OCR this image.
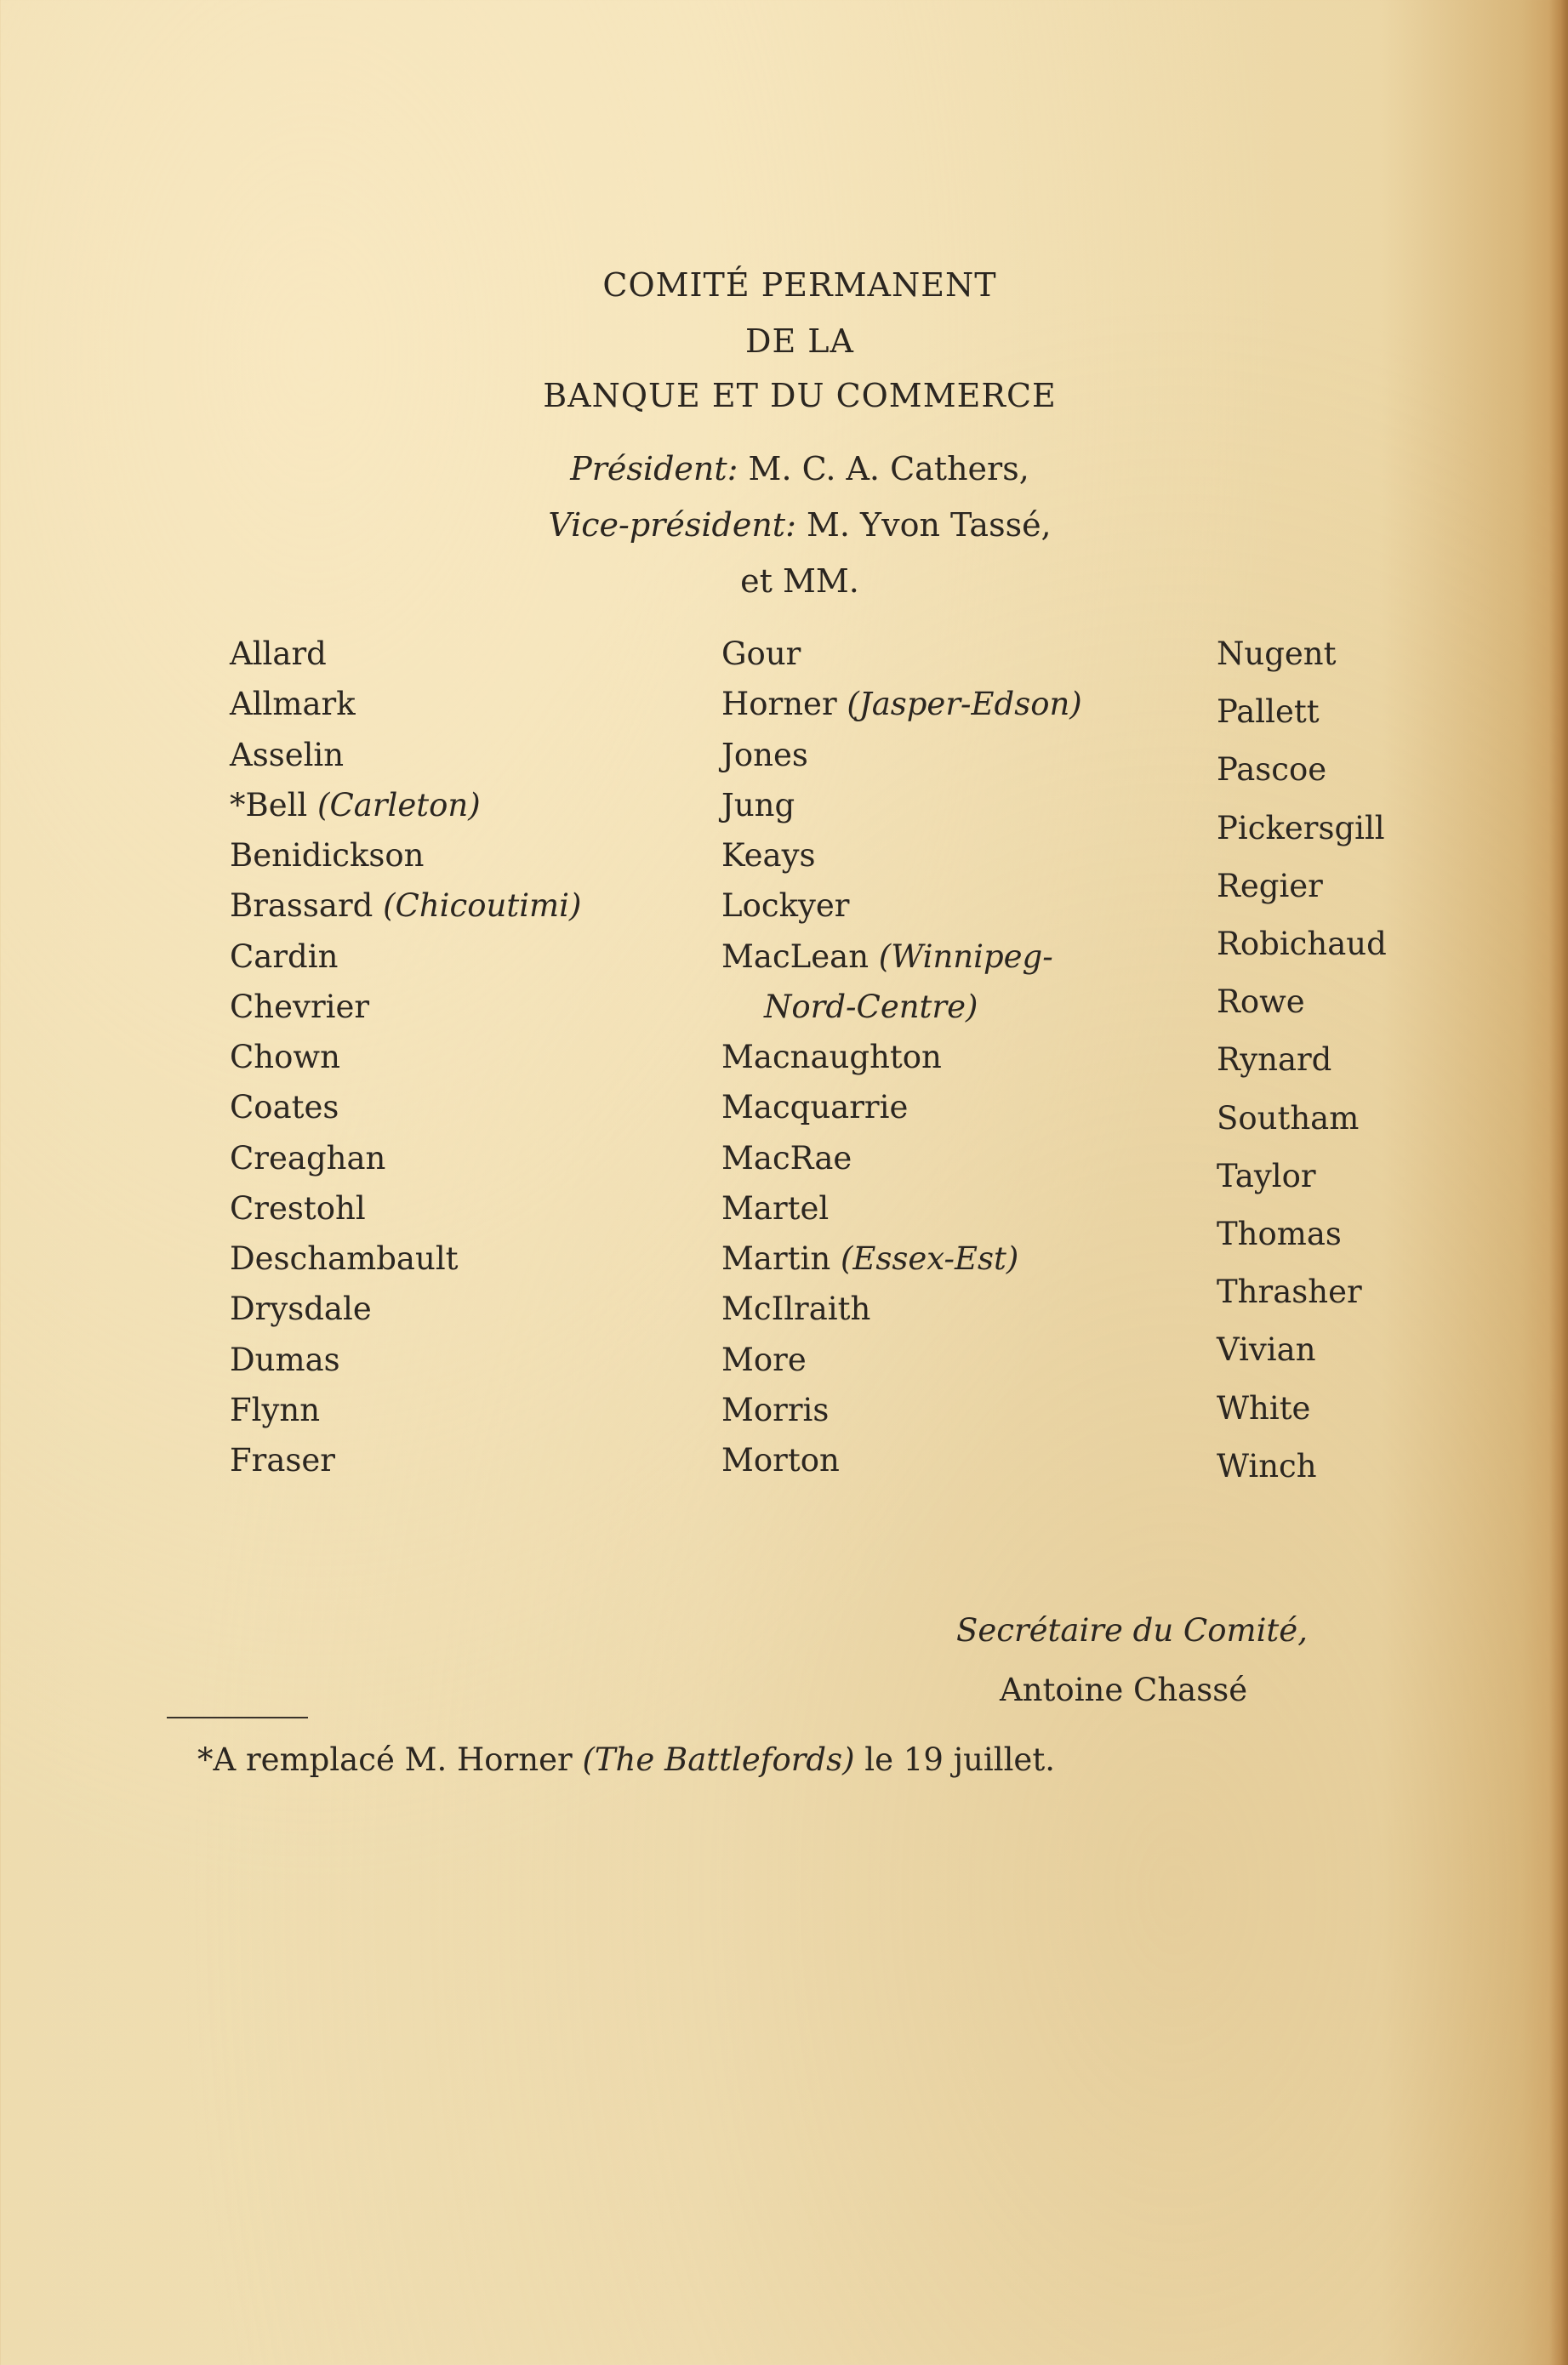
COMITÉ PERMANENT
DE LA
BANQUE ET DU COMMERCE
Président: M. C. A. Cathers,
Vice-président: M. Yvon Tassé,
et MM.
Allard
Allmark
Asselin
*Bell (Carleton)
Benidickson
Brassard (Chicoutimi)
Cardin
Chevrier
Chown
Coates
Creaghan
Crestohl
Deschambault
Drysdale
Dumas
Flynn
Fraser
Gour
Horner (Jasper-Edson)
Jones
Jung
Keays
Lockyer
MacLean (Winnipeg-
Nord-Centre)
Macnaughton
Macquarrie
MacRae
Martel
Martin (Essex-Est)
McIlraith
More
Morris
Morton
Nugent
Pallett
Pascoe
Pickersgill
Regier
Robichaud
Rowe
Rynard
Southam
Taylor
Thomas
Thrasher
Vivian
White
Winch
Secrétaire du Comité,
Antoine Chassé
*A remplacé M. Horner (The Battlefords) le 19 juillet.
